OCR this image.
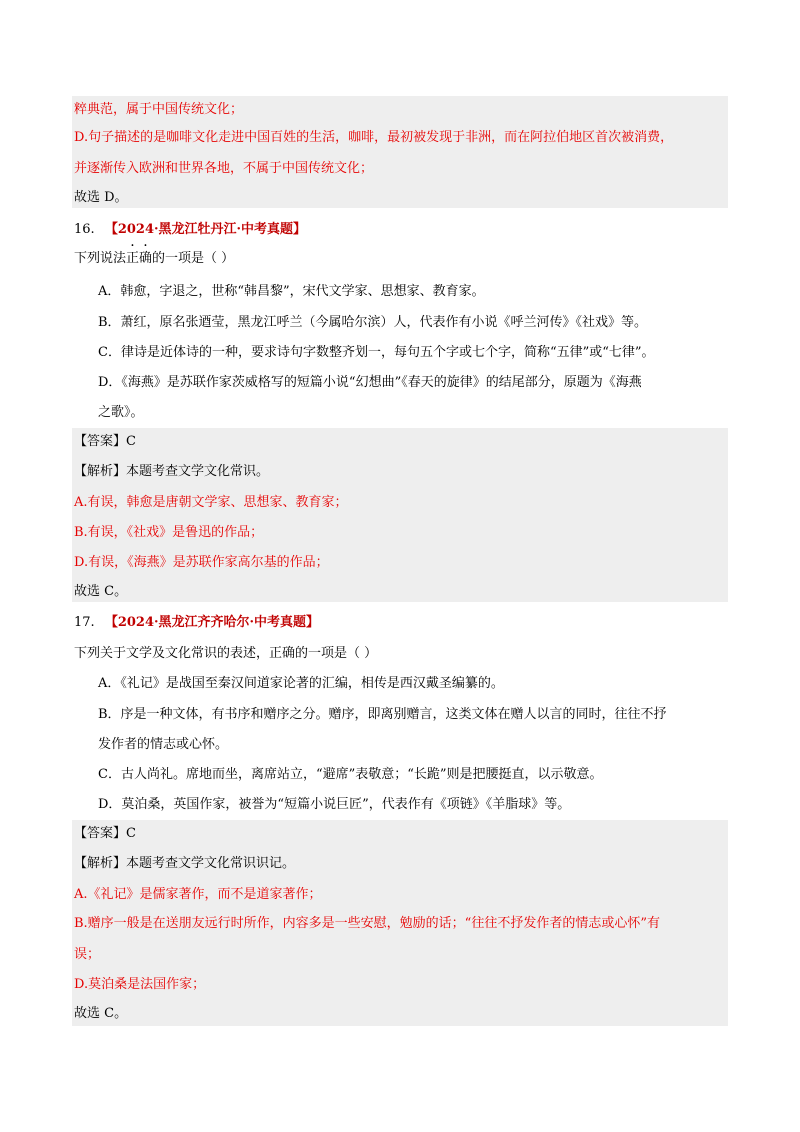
粹典范，属于中国传统文化；
D.句子描述的是咖啡文化走进中国百姓的生活，咖啡，最初被发现于非洲，而在阿拉伯地区首次被消费，
并逐渐传入欧洲和世界各地，不属于中国传统文化；
故选 D。
16. 【2024·黑龙江牡丹江·中考真题】
下列说法正确的一项是（ ）
A．韩愈，字退之，世称“韩昌黎”，宋代文学家、思想家、教育家。
B．萧红，原名张逎莹，黑龙江呼兰（今属哈尔滨）人，代表作有小说《呼兰河传》《社戏》等。
C．律诗是近体诗的一种，要求诗句字数整齐划一，每句五个字或七个字，简称“五律”或“七律”。
D．《海燕》是苏联作家茨威格写的短篇小说“幻想曲”《春天的旋律》的结尾部分，原题为《海燕
之歌》。
【答案】C
【解析】本题考查文学文化常识。
A.有误，韩愈是唐朝文学家、思想家、教育家；
B.有误，《社戏》是鲁迅的作品；
D.有误，《海燕》是苏联作家高尔基的作品；
故选 C。
17. 【2024·黑龙江齐齐哈尔·中考真题】
下列关于文学及文化常识的表述，正确的一项是（ ）
A．《礼记》是战国至秦汉间道家论著的汇编，相传是西汉戴圣编纂的。
B．序是一种文体，有书序和赠序之分。赠序，即离别赠言，这类文体在赠人以言的同时，往往不抒
发作者的情志或心怀。
C．古人尚礼。席地而坐，离席站立，“避席”表敬意；“长跪”则是把腰挺直，以示敬意。
D．莫泊桑，英国作家，被誉为“短篇小说巨匠”，代表作有《项链》《羊脂球》等。
【答案】C
【解析】本题考查文学文化常识识记。
A.《礼记》是儒家著作，而不是道家著作；
B.赠序一般是在送朋友远行时所作，内容多是一些安慰，勉励的话；“往往不抒发作者的情志或心怀”有
误；
D.莫泊桑是法国作家；
故选 C。
